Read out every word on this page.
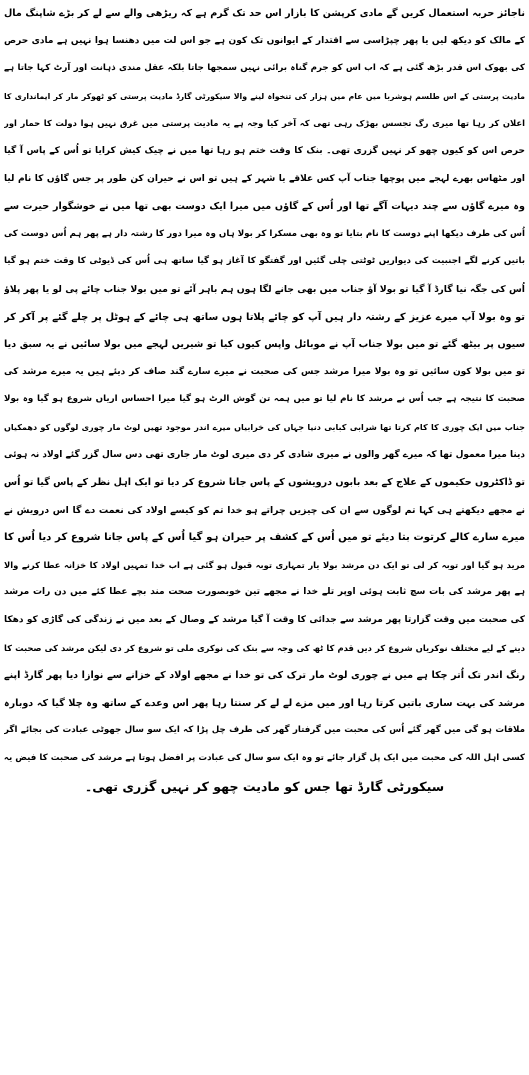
ناجائز حربہ استعمال کریں گے مادی کرپشن کا بازار اس حد تک گرم ہے کہ ریڑھی والے سے لے کر بڑے شاپنگ مال
کے مالک کو دیکھ لیں یا پھر چپڑاسی سے اقتدار کے ایوانوں تک کون ہے جو اس لت میں دھنسا ہوا نہیں ہے مادی حرص
کی بھوک اس قدر بڑھ گئی ہے کہ اب اس کو جرم گناہ برائی نہیں سمجھا جاتا بلکہ عقل مندی ذہانت اور آرٹ کہا جاتا ہے
مادیت پرستی کے اس طلسم ہوشربا میں عام میں ہزار کی تنخواہ لینے والا سیکورٹی گارڈ مادیت پرستی کو ٹھوکر مار کر ایمانداری کا
اعلان کر رہا تھا میری رگ تجسس بھڑک رہی تھی کہ آخر کیا وجہ ہے یہ مادیت پرستی میں غرق نہیں ہوا دولت کا حمار اور
حرص اس کو کیوں چھو کر نہیں گزری تھی۔ بنک کا وقت ختم ہو رہا تھا میں نے چیک کیش کرایا تو اُس کے پاس آ گیا
اور مٹھاس بھرے لہجے میں پوچھا جناب آپ کس علاقے یا شہر کے ہیں تو اس نے حیران کن طور پر جس گاؤں کا نام لیا
وہ میرے گاؤں سے چند دیہات آگے تھا اور اُس کے گاؤں میں میرا ایک دوست بھی تھا میں نے خوشگوار حیرت سے
اُس کی طرف دیکھا اپنے دوست کا نام بتایا تو وہ بھی مسکرا کر بولا ہاں وہ میرا دور کا رشتہ دار ہے پھر ہم اُس دوست کی
باتیں کرنے لگے اجنبیت کی دیواریں ٹوٹتی چلی گئیں اور گفتگو کا آغاز ہو گیا ساتھ ہی اُس کی ڈیوٹی کا وقت ختم ہو گیا
اُس کی جگہ نیا گارڈ آ گیا تو بولا آؤ جناب میں بھی جانے لگا ہوں ہم باہر آئے تو میں بولا جناب چائے پی لو یا پھر پلاؤ
تو وہ بولا آپ میرے عزیز کے رشتہ دار ہیں آپ کو چائے پلاتا ہوں ساتھ ہی چائے کے ہوٹل پر چلے گئے پر آکر کر
سیوں پر بیٹھ گئے تو میں بولا جناب آپ نے موبائل واپس کیوں کیا تو شیریں لہجے میں بولا سائیں نے یہ سبق دیا
تو میں بولا کون سائیں تو وہ بولا میرا مرشد جس کی صحبت نے میرے سارے گند صاف کر دیئے ہیں یہ میرے مرشد کی
صحبت کا نتیجہ ہے جب اُس نے مرشد کا نام لیا تو میں ہمہ تن گوش الرٹ ہو گیا میرا احساس اریاں شروع ہو گیا وہ بولا
جناب میں ایک چوری کا کام کرتا تھا شرابی کبابی دنیا جہاں کی خرابیاں میرے اندر موجود تھیں لوٹ مار چوری لوگوں کو دھمکیاں
دینا میرا معمول تھا کہ میرے گھر والوں نے میری شادی کر دی میری لوٹ مار جاری تھی دس سال گزر گئے اولاد نہ ہوئی
تو ڈاکٹروں حکیموں کے علاج کے بعد بابوں درویشوں کے پاس جانا شروع کر دیا تو ایک اہل نظر کے پاس گیا تو اُس
نے مجھے دیکھتے ہی کہا تم لوگوں سے ان کی چیزیں چراتے ہو خدا تم کو کیسے اولاد کی نعمت دے گا اس درویش نے
میرے سارے کالے کرتوت بتا دیئے تو میں اُس کے کشف پر حیران ہو گیا اُس کے پاس جانا شروع کر دیا اُس کا
مرید ہو گیا اور توبہ کر لی تو ایک دن مرشد بولا یار تمہاری توبہ قبول ہو گئی ہے اب خدا تمہیں اولاد کا خزانہ عطا کرنے والا
ہے پھر مرشد کی بات سچ ثابت ہوئی اوپر تلے خدا نے مجھے تین خوبصورت صحت مند بچے عطا کئے میں دن رات مرشد
کی صحبت میں وقت گزارتا پھر مرشد سے جدائی کا وقت آ گیا مرشد کے وصال کے بعد میں نے زندگی کی گاڑی کو دھکا
دینے کے لیے مختلف نوکریاں شروع کر دیں قدم کا ٹھ کی وجہ سے بنک کی نوکری ملی تو شروع کر دی لیکن مرشد کی صحبت کا
رنگ اندر تک اُتر چکا ہے میں نے چوری لوٹ مار ترک کی تو خدا نے مجھے اولاد کے خزانے سے نوازا دیا پھر گارڈ اپنے
مرشد کی بہت ساری باتیں کرتا رہا اور میں مزے لے لے کر سنتا رہا پھر اس وعدے کے ساتھ وہ چلا گیا کہ دوبارہ
ملاقات ہو گی میں گھر گئے اُس کی محبت میں گرفتار گھر کی طرف چل پڑا کہ ایک سو سال جھوٹی عبادت کی بجائے اگر
کسی اہل اللہ کی محبت میں ایک پل گزار جائے تو وہ ایک سو سال کی عبادت پر افضل ہوتا ہے مرشد کی صحبت کا فیض یہ
سیکورٹی گارڈ تھا جس کو مادیت چھو کر نہیں گزری تھی۔
